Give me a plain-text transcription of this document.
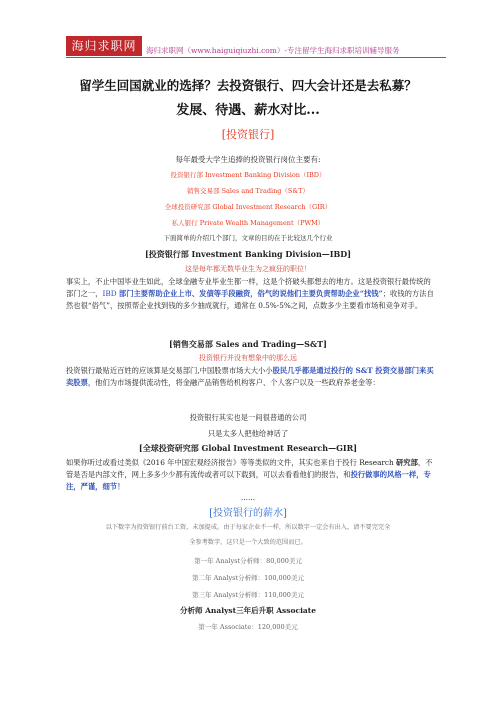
海归求职网	海归求职网（www.haiguiqiuzhi.com）-专注留学生海归求职培训辅导服务
留学生回国就业的选择？去投资银行、四大会计还是去私募？
发展、待遇、薪水对比...
[投资银行]
每年最受大学生追捧的投资银行岗位主要有:
投资银行部 Investment Banking Division（IBD）
销售交易部 Sales and Trading（S&T）
全球投资研究部 Global Investment Research（GIR）
私人银行 Private Wealth Management（PWM）
下面简单的介绍几个部门，文章的目的在于比较这几个行业
[投资银行部 Investment Banking Division—IBD]
这是每年都无数毕业生为之疯狂的职位！
事实上，不止中国毕业生如此，全球金融专业毕业生都一样，这是个挤破头都想去的地方。这是投资银行最传统的部门之一，IBD 部门主要帮助企业上市、发债等手段融资，俗气的说他们主要负责帮助企业“找钱”；收钱的方法自然也很“俗气”，按照帮企业找到钱的多少抽成就行，通常在 0.5%-5%之间，点数多少主要看市场和竞争对手。
[销售交易部 Sales and Trading—S&T]
投资银行并没有想象中的那么远
投资银行最贴近百姓的应该算是交易部门,中国股票市场大大小小股民几乎都是通过投行的 S&T 投资交易部门来买卖股票，他们为市场提供流动性，将金融产品销售给机构客户、个人客户以及一些政府养老金等：
投资银行其实也是一间很普通的公司
只是太多人把他给神话了
[全球投资研究部 Global Investment Research—GIR]
如果你听过或看过类似《2016 年中国宏观经济报告》等等类似的文件，其实也来自于投行 Research 研究部，不管是否是内部文件，网上多多少少都有流传或者可以下载到，可以去看看他们的报告，和投行做事的风格一样，专注，严谨，细节！
……
[投资银行的薪水]
以下数字为投资银行前台工资，未加提成。由于每家企业不一样，所以数字一定会有出入，请不要完完全
全参考数字，这只是一个大致的范围而已。
第一年 Analyst分析师：80,000美元
第二年 Analyst分析师：100,000美元
第三年 Analyst分析师：110,000美元
分析师 Analyst三年后升职 Associate
第一年 Associate：120,000美元
